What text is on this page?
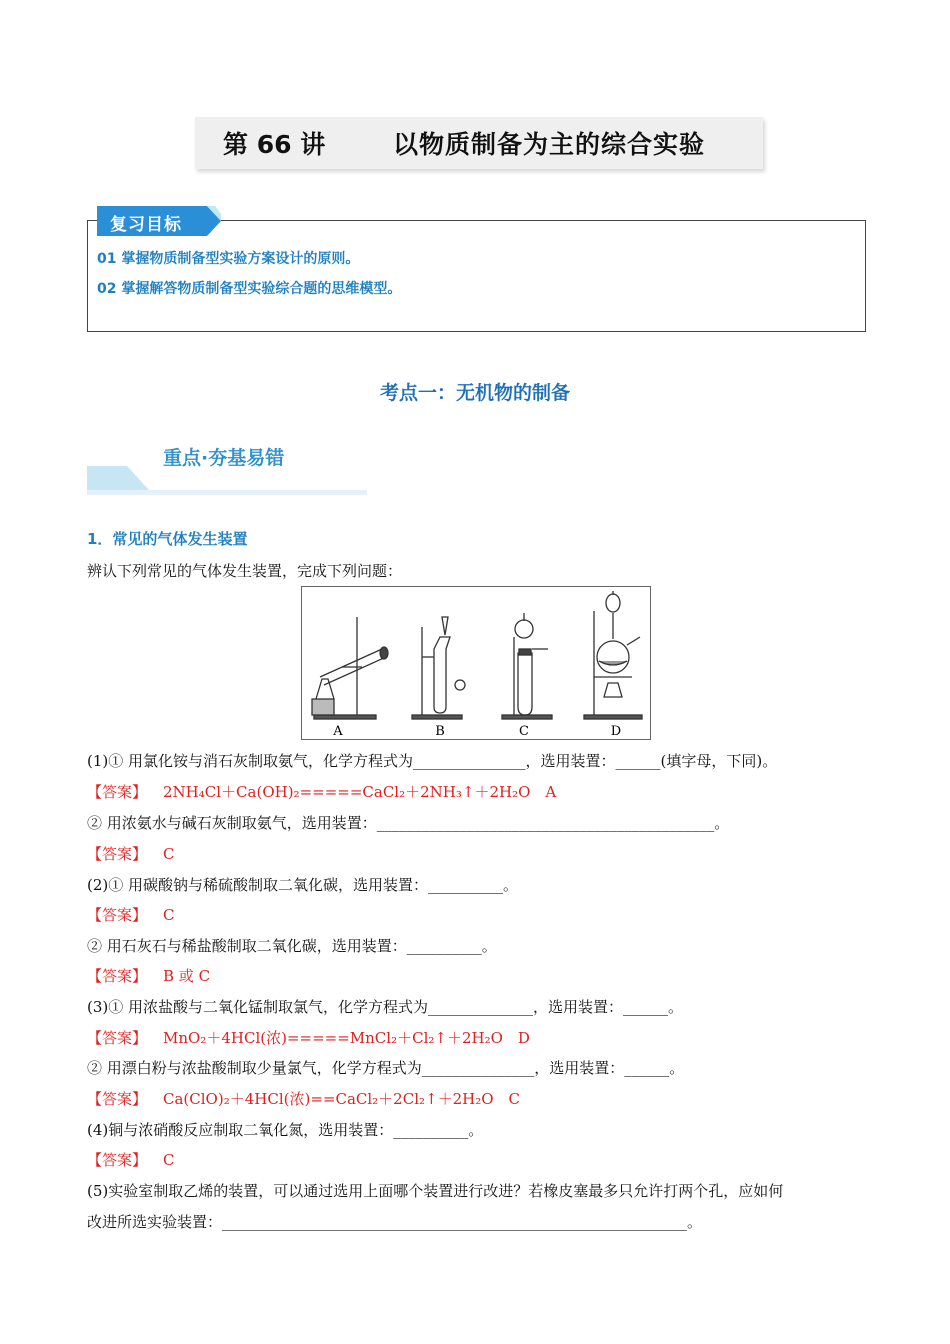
第 66 讲	以物质制备为主的综合实验
复习目标
01 掌握物质制备型实验方案设计的原则。
02 掌握解答物质制备型实验综合题的思维模型。
考点一：无机物的制备
重点·夯基易错
1．常见的气体发生装置
辨认下列常见的气体发生装置，完成下列问题：
A	B	C	D
(1)① 用氯化铵与消石灰制取氨气，化学方程式为_______________，选用装置：______(填字母，下同)。
【答案】 2NH₄Cl＋Ca(OH)₂=====CaCl₂＋2NH₃↑＋2H₂O　A
② 用浓氨水与碱石灰制取氨气，选用装置：_____________________________________________。
【答案】 C
(2)① 用碳酸钠与稀硫酸制取二氧化碳，选用装置：__________。
【答案】 C
② 用石灰石与稀盐酸制取二氧化碳，选用装置：__________。
【答案】 B 或 C
(3)① 用浓盐酸与二氧化锰制取氯气，化学方程式为______________，选用装置：______。
【答案】 MnO₂＋4HCl(浓)=====MnCl₂＋Cl₂↑＋2H₂O　D
② 用漂白粉与浓盐酸制取少量氯气，化学方程式为_______________，选用装置：______。
【答案】 Ca(ClO)₂＋4HCl(浓)==CaCl₂＋2Cl₂↑＋2H₂O　C
(4)铜与浓硝酸反应制取二氧化氮，选用装置：__________。
【答案】 C
(5)实验室制取乙烯的装置，可以通过选用上面哪个装置进行改进？若橡皮塞最多只允许打两个孔，应如何
改进所选实验装置：______________________________________________________________。
